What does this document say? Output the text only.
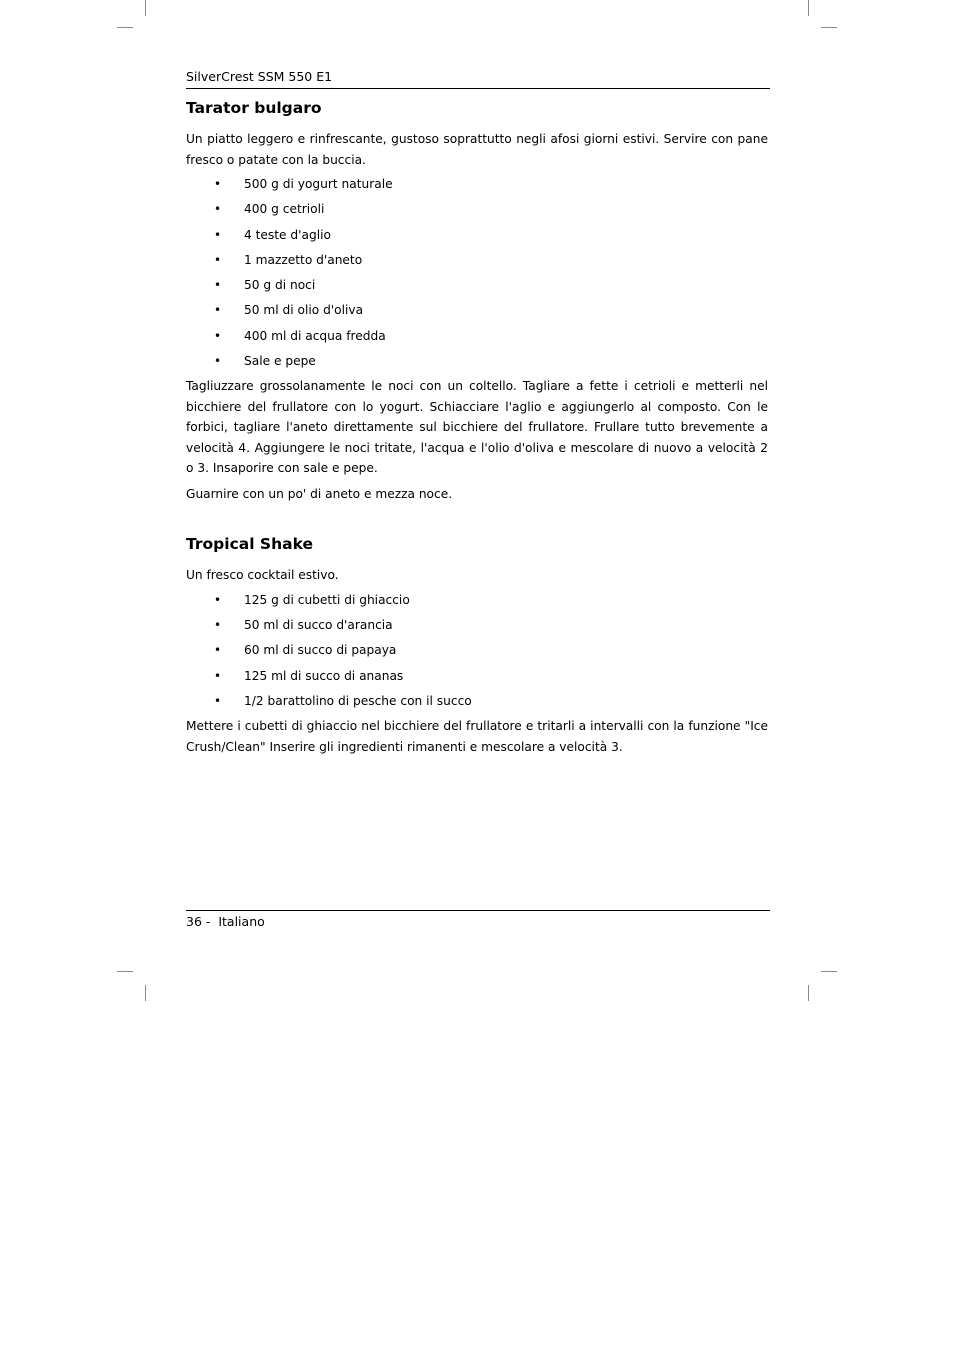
SilverCrest SSM 550 E1
Tarator bulgaro

Un piatto leggero e rinfrescante, gustoso soprattutto negli afosi giorni estivi. Servire con pane fresco o patate con la buccia.

• 500 g di yogurt naturale
• 400 g cetrioli
• 4 teste d'aglio
• 1 mazzetto d'aneto
• 50 g di noci
• 50 ml di olio d'oliva
• 400 ml di acqua fredda
• Sale e pepe

Tagliuzzare grossolanamente le noci con un coltello. Tagliare a fette i cetrioli e metterli nel bicchiere del frullatore con lo yogurt. Schiacciare l'aglio e aggiungerlo al composto. Con le forbici, tagliare l'aneto direttamente sul bicchiere del frullatore. Frullare tutto brevemente a velocità 4. Aggiungere le noci tritate, l'acqua e l'olio d'oliva e mescolare di nuovo a velocità 2 o 3. Insaporire con sale e pepe.

Guarnire con un po' di aneto e mezza noce.

Tropical Shake

Un fresco cocktail estivo.

• 125 g di cubetti di ghiaccio
• 50 ml di succo d'arancia
• 60 ml di succo di papaya
• 125 ml di succo di ananas
• 1/2 barattolino di pesche con il succo

Mettere i cubetti di ghiaccio nel bicchiere del frullatore e tritarli a intervalli con la funzione "Ice Crush/Clean" Inserire gli ingredienti rimanenti e mescolare a velocità 3.

36 -  Italiano
